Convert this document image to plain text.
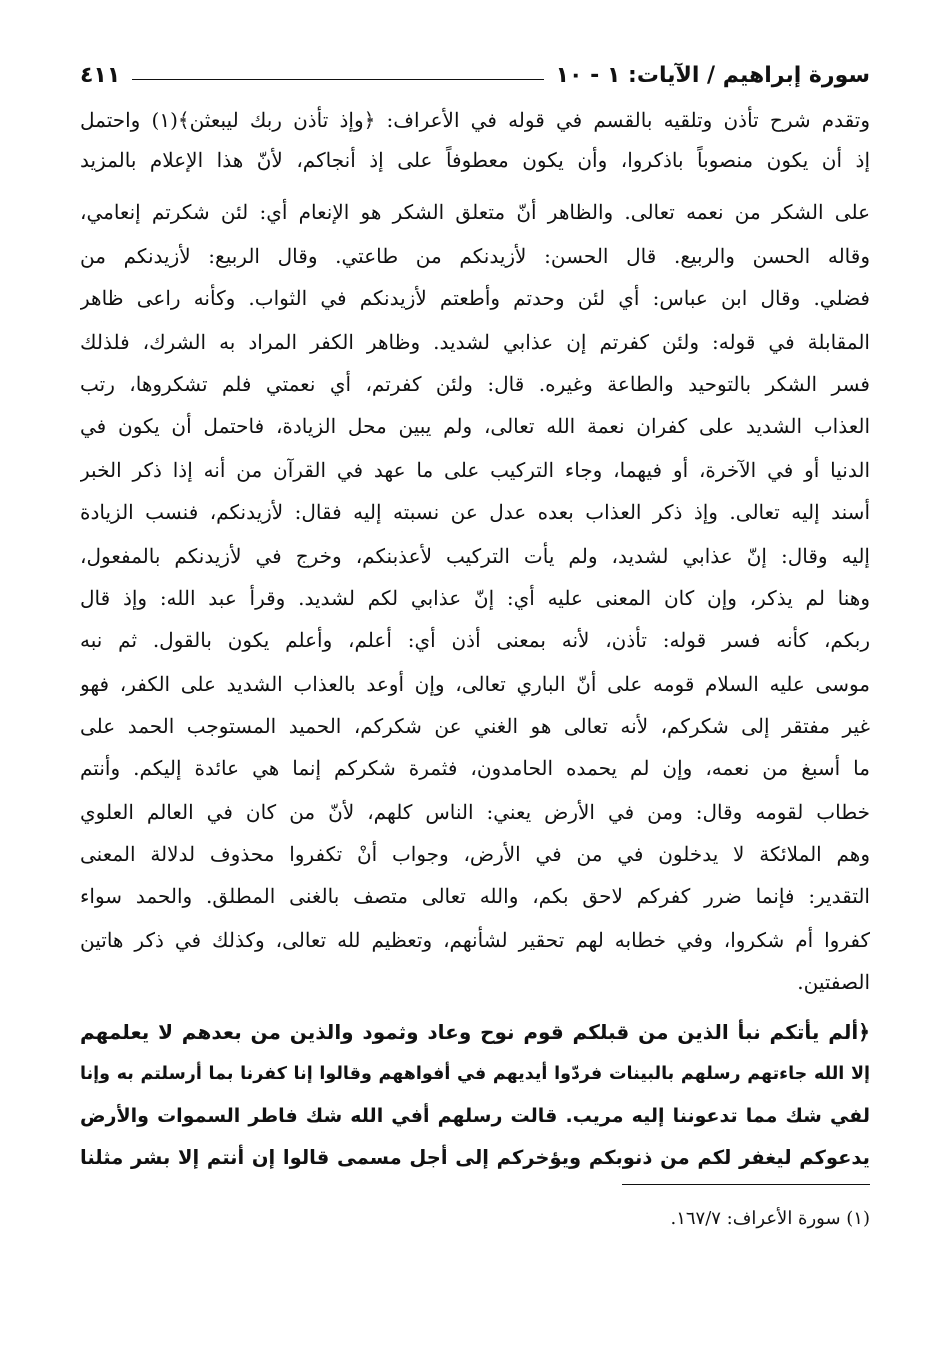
سورة إبراهيم / الآيات: ١ - ١٠
٤١١
وتقدم شرح تأذن وتلقيه بالقسم في قوله في الأعراف: ﴿وإذ تأذن ربك ليبعثن﴾(١) واحتمل
إذ أن يكون منصوباً باذكروا، وأن يكون معطوفاً على إذ أنجاكم، لأنّ هذا الإعلام بالمزيد
على الشكر من نعمه تعالى. والظاهر أنّ متعلق الشكر هو الإنعام أي: لئن شكرتم إنعامي،
وقاله الحسن والربيع. قال الحسن: لأزيدنكم من طاعتي. وقال الربيع: لأزيدنكم من
فضلي. وقال ابن عباس: أي لئن وحدتم وأطعتم لأزيدنكم في الثواب. وكأنه راعى ظاهر
المقابلة في قوله: ولئن كفرتم إن عذابي لشديد. وظاهر الكفر المراد به الشرك، فلذلك
فسر الشكر بالتوحيد والطاعة وغيره. قال: ولئن كفرتم، أي نعمتي فلم تشكروها، رتب
العذاب الشديد على كفران نعمة الله تعالى، ولم يبين محل الزيادة، فاحتمل أن يكون في
الدنيا أو في الآخرة، أو فيهما، وجاء التركيب على ما عهد في القرآن من أنه إذا ذكر الخبر
أسند إليه تعالى. وإذ ذكر العذاب بعده عدل عن نسبته إليه فقال: لأزيدنكم، فنسب الزيادة
إليه وقال: إنّ عذابي لشديد، ولم يأت التركيب لأعذبنكم، وخرج في لأزيدنكم بالمفعول،
وهنا لم يذكر، وإن كان المعنى عليه أي: إنّ عذابي لكم لشديد. وقرأ عبد الله: وإذ قال
ربكم، كأنه فسر قوله: تأذن، لأنه بمعنى أذن أي: أعلم، وأعلم يكون بالقول. ثم نبه
موسى عليه السلام قومه على أنّ الباري تعالى، وإن أوعد بالعذاب الشديد على الكفر، فهو
غير مفتقر إلى شكركم، لأنه تعالى هو الغني عن شكركم، الحميد المستوجب الحمد على
ما أسبغ من نعمه، وإن لم يحمده الحامدون، فثمرة شكركم إنما هي عائدة إليكم. وأنتم
خطاب لقومه وقال: ومن في الأرض يعني: الناس كلهم، لأنّ من كان في العالم العلوي
وهم الملائكة لا يدخلون في من في الأرض، وجواب أنْ تكفروا محذوف لدلالة المعنى
التقدير: فإنما ضرر كفركم لاحق بكم، والله تعالى متصف بالغنى المطلق. والحمد سواء
كفروا أم شكروا، وفي خطابه لهم تحقير لشأنهم، وتعظيم لله تعالى، وكذلك في ذكر هاتين
الصفتين.
﴿ألم يأتكم نبأ الذين من قبلكم قوم نوح وعاد وثمود والذين من بعدهم لا يعلمهم
إلا الله جاءتهم رسلهم بالبينات فردّوا أيديهم في أفواههم وقالوا إنا كفرنا بما أرسلتم به وإنا
لفي شك مما تدعوننا إليه مريب. قالت رسلهم أفي الله شك فاطر السموات والأرض
يدعوكم ليغفر لكم من ذنوبكم ويؤخركم إلى أجل مسمى قالوا إن أنتم إلا بشر مثلنا
(١) سورة الأعراف: ١٦٧/٧.
